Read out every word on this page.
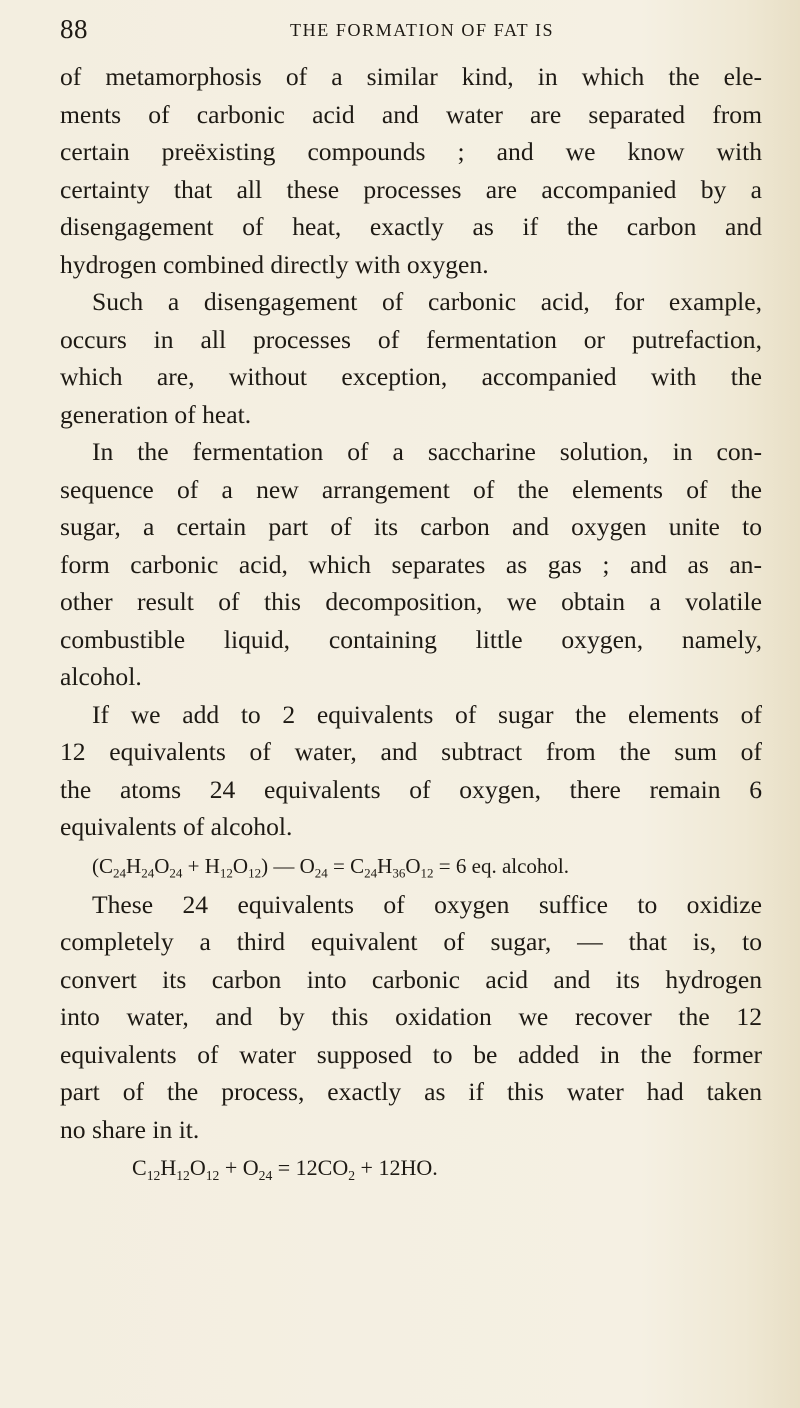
88	THE FORMATION OF FAT IS
of metamorphosis of a similar kind, in which the ele-
ments of carbonic acid and water are separated from
certain preëxisting compounds ; and we know with
certainty that all these processes are accompanied by a
disengagement of heat, exactly as if the carbon and
hydrogen combined directly with oxygen.
Such a disengagement of carbonic acid, for example,
occurs in all processes of fermentation or putrefaction,
which are, without exception, accompanied with the
generation of heat.
In the fermentation of a saccharine solution, in con-
sequence of a new arrangement of the elements of the
sugar, a certain part of its carbon and oxygen unite to
form carbonic acid, which separates as gas ; and as an-
other result of this decomposition, we obtain a volatile
combustible liquid, containing little oxygen, namely,
alcohol.
If we add to 2 equivalents of sugar the elements of
12 equivalents of water, and subtract from the sum of
the atoms 24 equivalents of oxygen, there remain 6
equivalents of alcohol.
$(C_{24}H_{24}O_{24} + H_{12}O_{12})$ — $O_{24} = C_{24}H_{36}O_{12} = 6$ eq. alcohol.
These 24 equivalents of oxygen suffice to oxidize
completely a third equivalent of sugar, — that is, to
convert its carbon into carbonic acid and its hydrogen
into water, and by this oxidation we recover the 12
equivalents of water supposed to be added in the former
part of the process, exactly as if this water had taken
no share in it.
$C_{12}H_{12}O_{12} + O_{24} = 12CO_2 + 12HO$.
